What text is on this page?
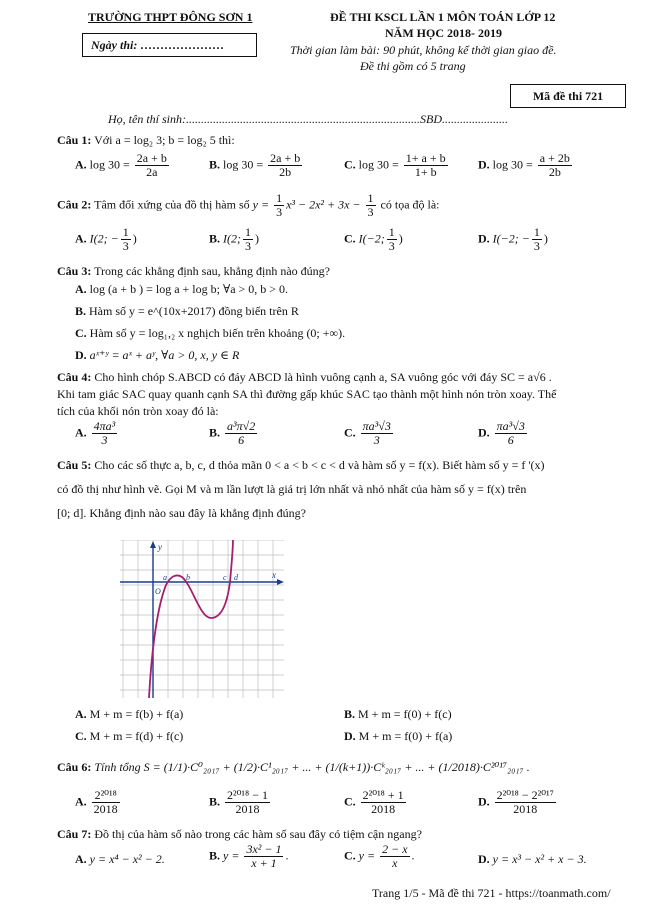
TRƯỜNG THPT ĐÔNG SƠN 1
Ngày thi: …………………
ĐỀ THI KSCL LẦN 1 MÔN TOÁN LỚP 12
NĂM HỌC 2018- 2019
Thời gian làm bài: 90 phút, không kể thời gian giao đề.
Đề thi gồm có 5 trang
Mã đề thi 721
Họ, tên thí sinh:..............................................................................SBD......................
Câu 1: Với a = log₂ 3; b = log₂ 5 thì:
A. $\log 30 = \frac{2a + b}{2a}$	B. $\log 30 = \frac{2a + b}{2b}$	C. $\log 30 = \frac{1+ a + b}{1+ b}$	D. $\log 30 = \frac{a + 2b}{2b}$
Câu 2: Tâm đối xứng của đồ thị hàm số $y = \frac{1}{3} x^3 - 2x^2 + 3x - \frac{1}{3}$ có tọa độ là:
A. I(2; − $\frac{1}{3}$ )	B. I(2; $\frac{1}{3}$ )	C. I(−2; $\frac{1}{3}$ )	D. I(−2; − $\frac{1}{3}$ )
Câu 3: Trong các khẳng định sau, khẳng định nào đúng?
A. log (a + b ) = log a + log b; ∀a > 0, b > 0.
B. Hàm số y = e^(10x+2017) đồng biến trên R
C. Hàm số y = log₁,₂ x nghịch biến trên khoảng (0; +∞).
D. aˣ⁺ʸ = aˣ + aʸ, ∀a > 0, x, y ∈ R
Câu 4: Cho hình chóp S.ABCD có đáy ABCD là hình vuông cạnh a, SA vuông góc với đáy SC = a√6 .
Khi tam giác SAC quay quanh cạnh SA thì đường gấp khúc SAC tạo thành một hình nón tròn xoay. Thể
tích của khối nón tròn xoay đó là:
A. $\frac{\text{4πa³}}{3}$	B. $\frac{\text{a³π√2}}{6}$	C. $\frac{\text{πa³√3}}{3}$	D. $\frac{\text{πa³√3}}{6}$
Câu 5: Cho các số thực a, b, c, d thỏa mãn 0 < a < b < c < d và hàm số y = f(x). Biết hàm số y = f '(x)
có đồ thị như hình vẽ. Gọi M và m lần lượt là giá trị lớn nhất và nhỏ nhất của hàm số y = f(x) trên
[0; d]. Khẳng định nào sau đây là khẳng định đúng?
y
x
O
a b	c d
A. M + m = f(b) + f(a)	B. M + m = f(0) + f(c)
C. M + m = f(d) + f(c)	D. M + m = f(0) + f(a)
Câu 6: Tính tổng S = (1/1)·C⁰₂₀₁₇ + (1/2)·C¹₂₀₁₇ + ... + (1/(k+1))·Cᵏ₂₀₁₇ + ... + (1/2018)·C²⁰¹⁷₂₀₁₇ .
A. $\frac{\text{2²⁰¹⁸}}{2018}$	B. $\frac{\text{2²⁰¹⁸ − 1}}{2018}$	C. $\frac{\text{2²⁰¹⁸ + 1}}{2018}$	D. $\frac{\text{2²⁰¹⁸ − 2²⁰¹⁷}}{2018}$
Câu 7: Đồ thị của hàm số nào trong các hàm số sau đây có tiệm cận ngang?
A. y = x⁴ − x² − 2.	B. $y = \frac{\text{3x² − 1}}{x + 1}$ .	C. $y = \frac{2 - x}{x}$ .	D. y = x³ − x² + x − 3.
Trang 1/5 - Mã đề thi 721 - https://toanmath.com/
